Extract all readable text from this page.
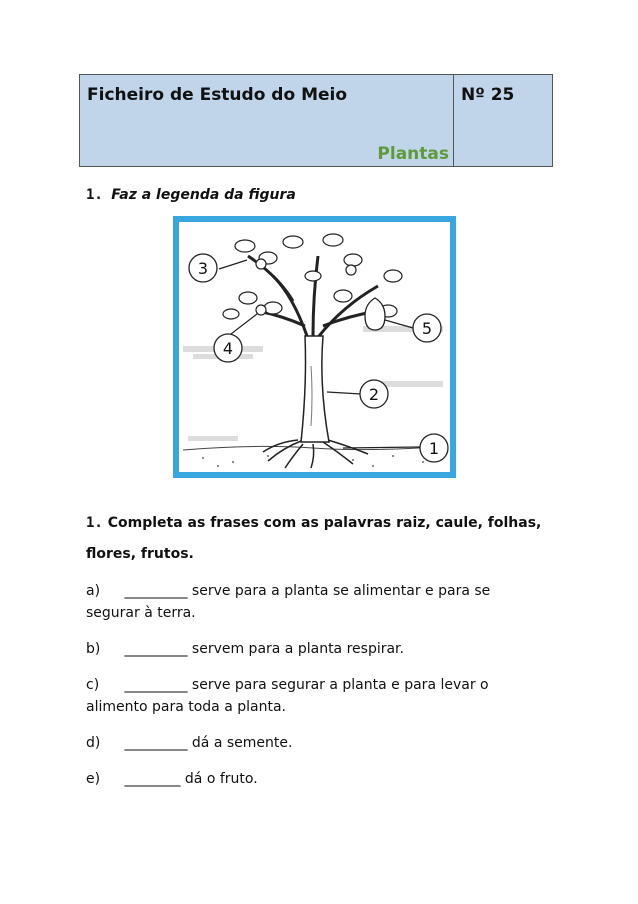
Ficheiro de Estudo do Meio
Plantas
Nº 25
1. Faz a legenda da figura
3
4
5
2
1
1. Completa as frases com as palavras raiz, caule, folhas, flores, frutos.
a) _________ serve para a planta se alimentar e para se segurar à terra.
b) _________ servem para a planta respirar.
c) _________ serve para segurar a planta e para levar o alimento para toda a planta.
d) _________ dá a semente.
e) ________ dá o fruto.
